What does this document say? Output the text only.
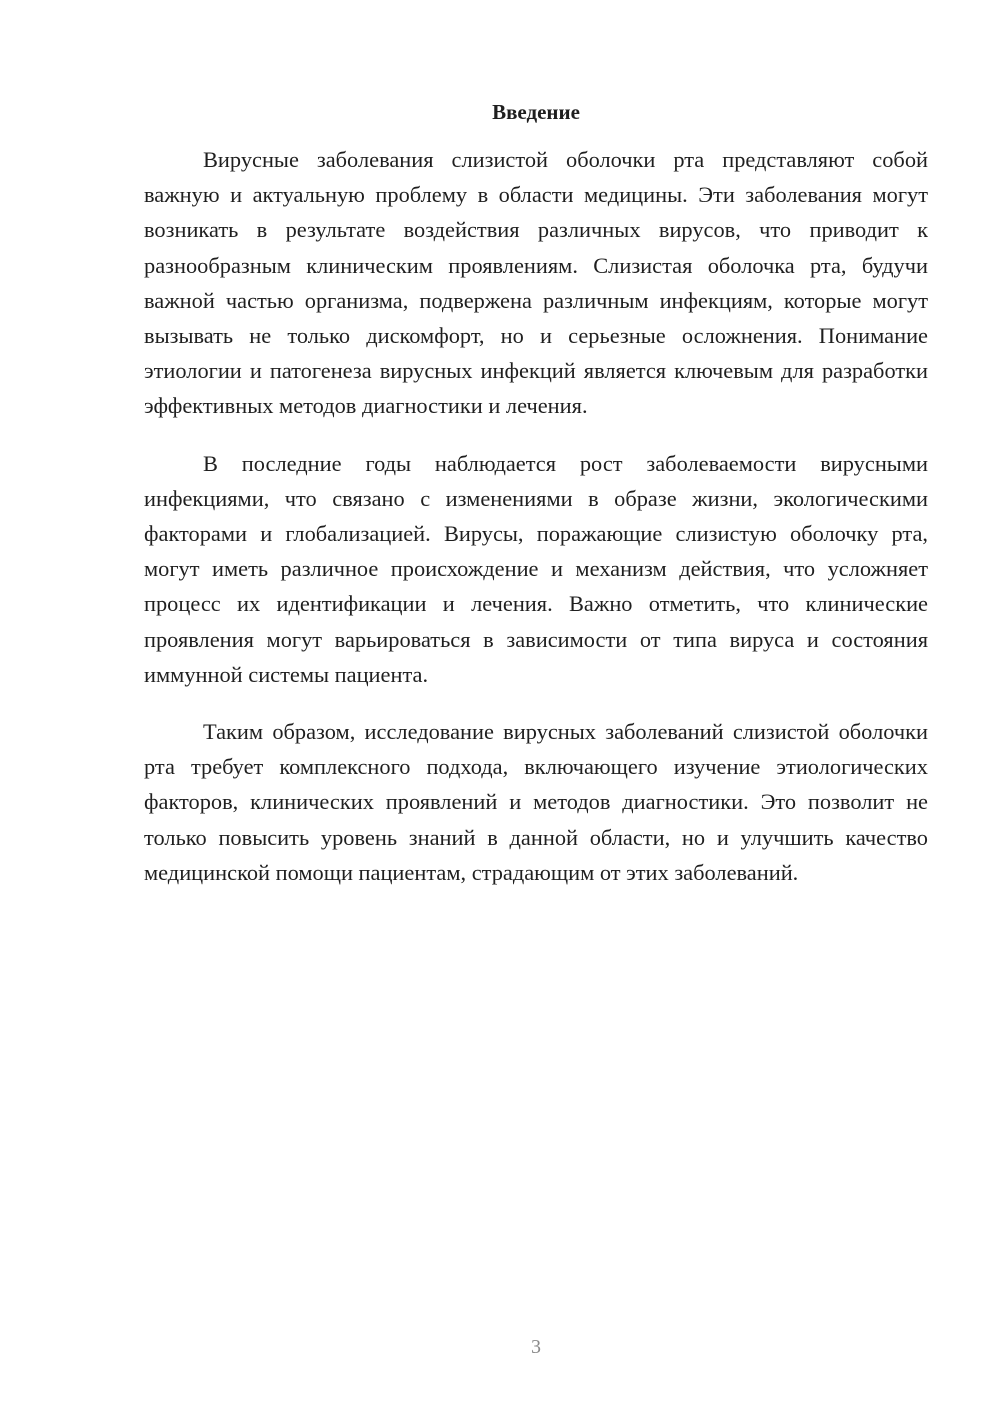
Введение

Вирусные заболевания слизистой оболочки рта представляют собой важную и актуальную проблему в области медицины. Эти заболевания могут возникать в результате воздействия различных вирусов, что приводит к разнообразным клиническим проявлениям. Слизистая оболочка рта, будучи важной частью организма, подвержена различным инфекциям, которые могут вызывать не только дискомфорт, но и серьезные осложнения. Понимание этиологии и патогенеза вирусных инфекций является ключевым для разработки эффективных методов диагностики и лечения.

В последние годы наблюдается рост заболеваемости вирусными инфекциями, что связано с изменениями в образе жизни, экологическими факторами и глобализацией. Вирусы, поражающие слизистую оболочку рта, могут иметь различное происхождение и механизм действия, что усложняет процесс их идентификации и лечения. Важно отметить, что клинические проявления могут варьироваться в зависимости от типа вируса и состояния иммунной системы пациента.

Таким образом, исследование вирусных заболеваний слизистой оболочки рта требует комплексного подхода, включающего изучение этиологических факторов, клинических проявлений и методов диагностики. Это позволит не только повысить уровень знаний в данной области, но и улучшить качество медицинской помощи пациентам, страдающим от этих заболеваний.

3
